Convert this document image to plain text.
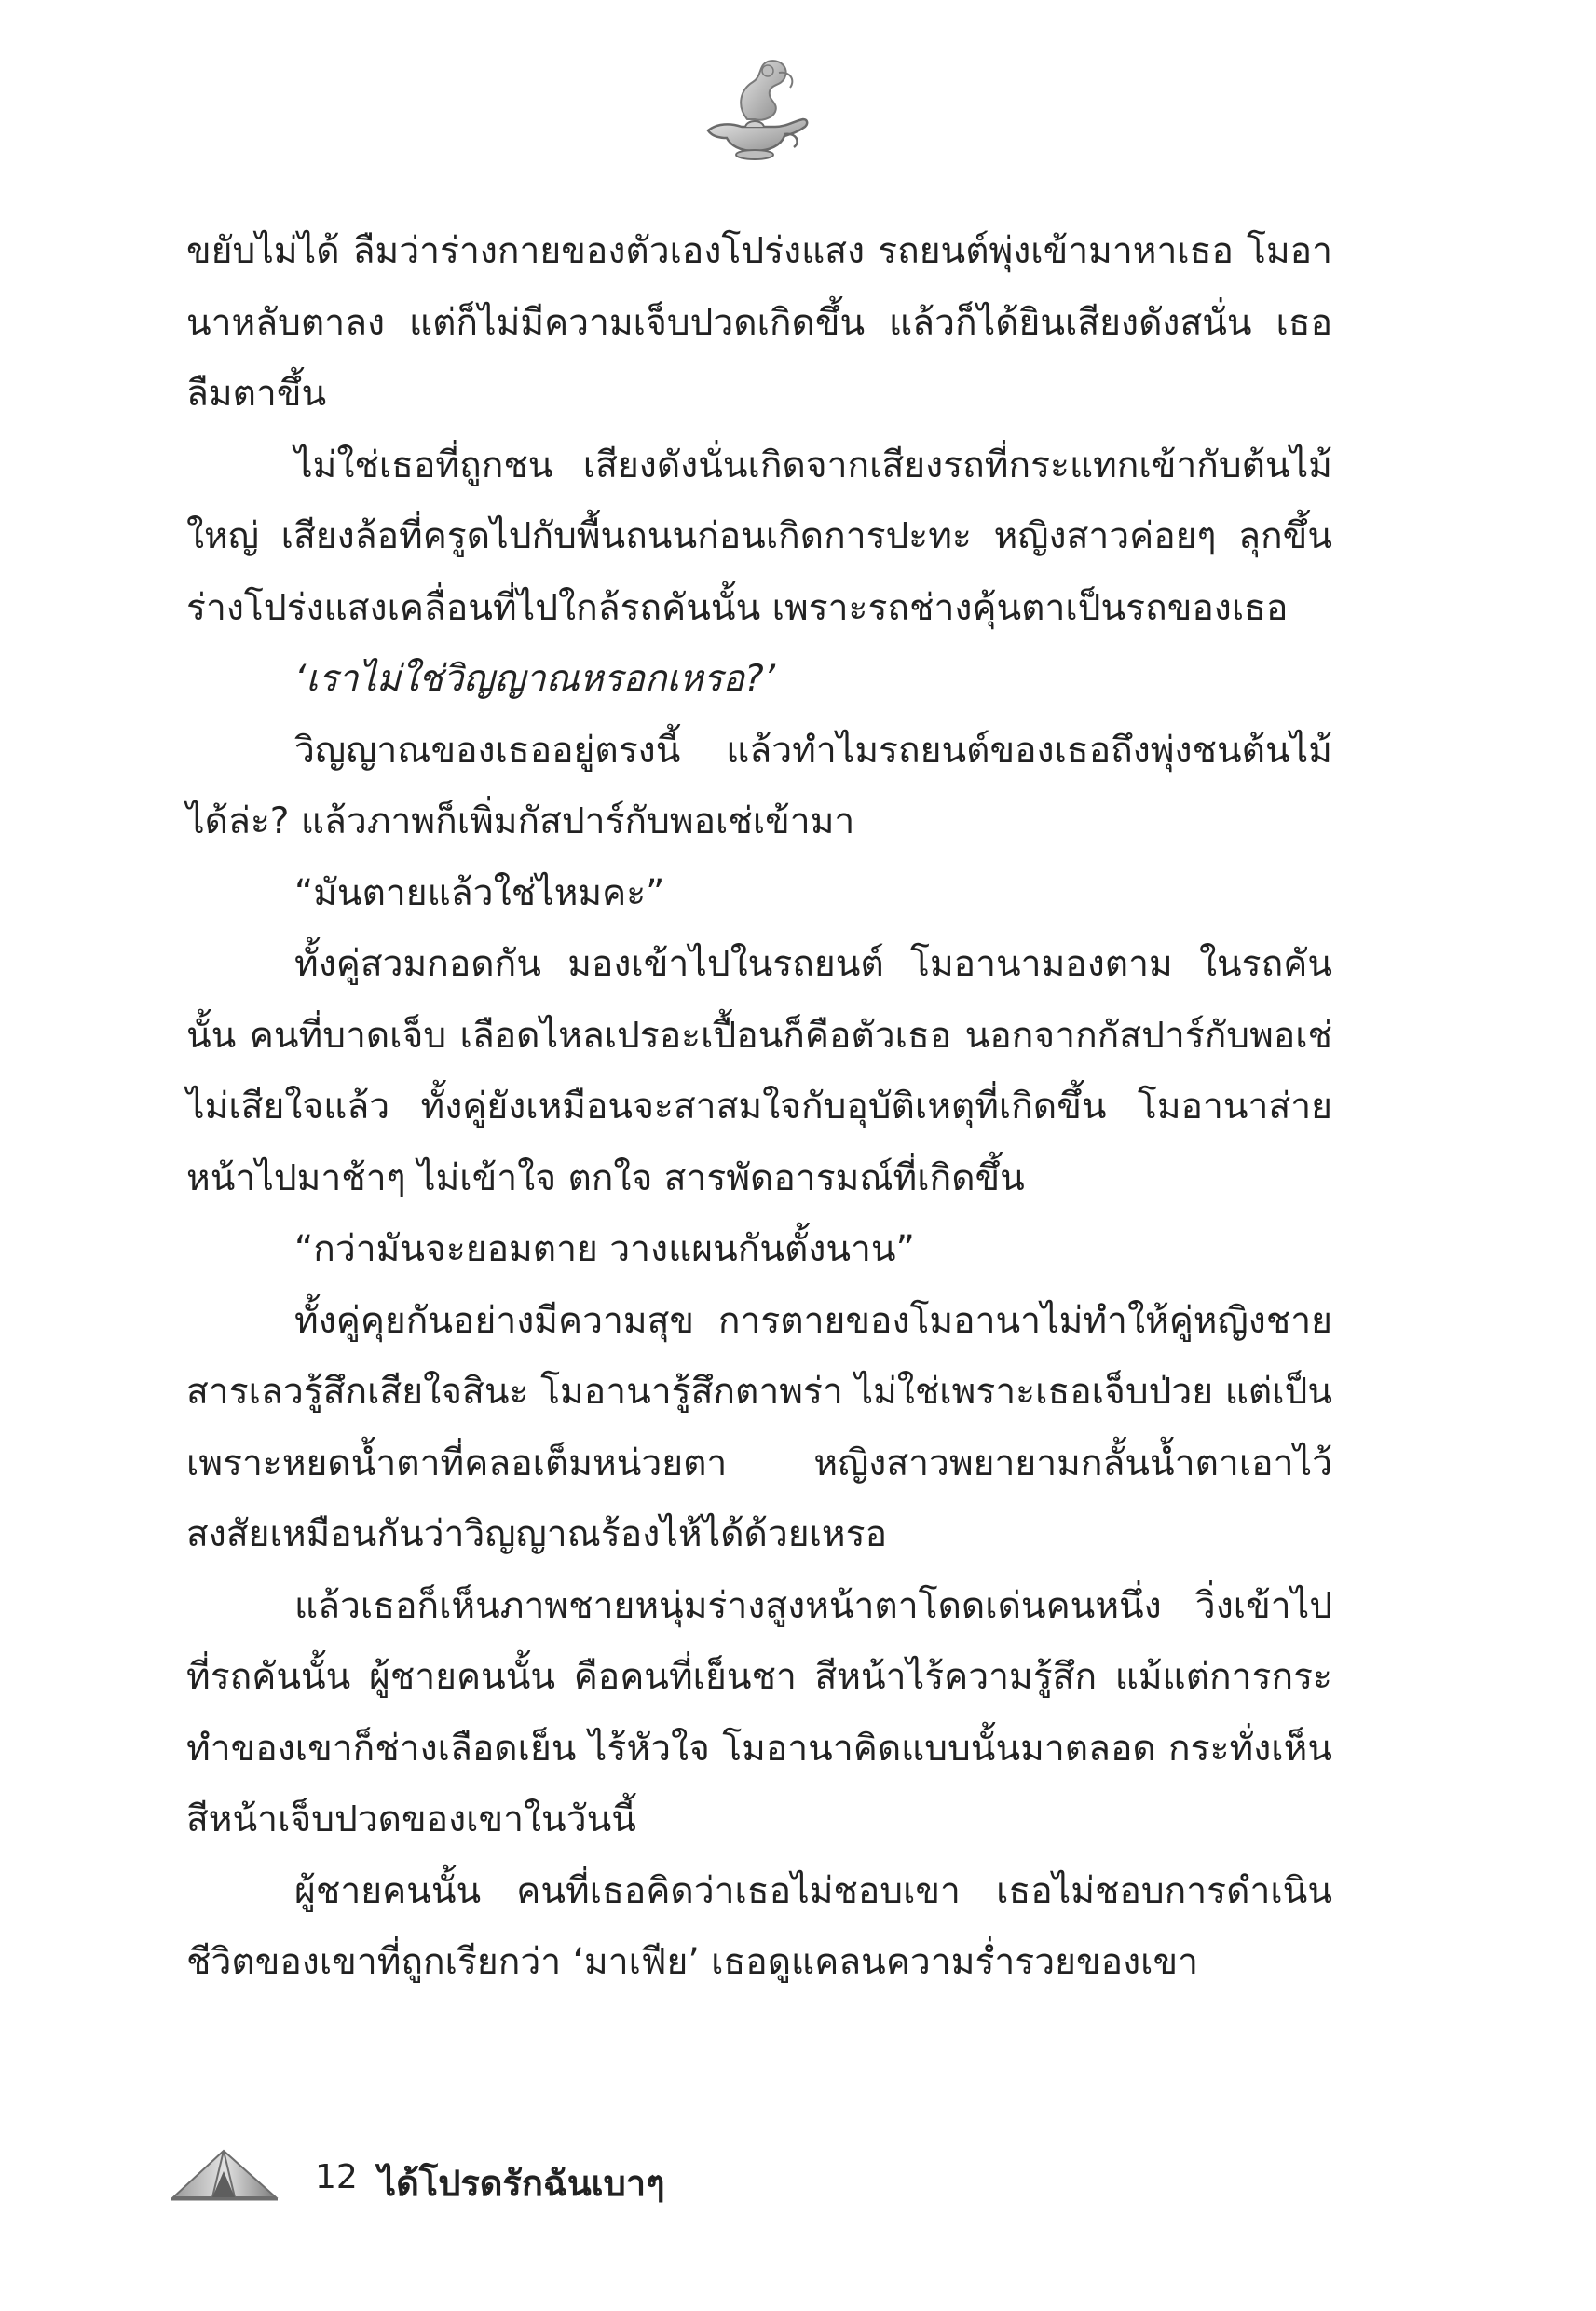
ขยับไม่ได้ ลืมว่าร่างกายของตัวเองโปร่งแสง รถยนต์พุ่งเข้ามาหาเธอ โมอานาหลับตาลง แต่ก็ไม่มีความเจ็บปวดเกิดขึ้น แล้วก็ได้ยินเสียงดังสนั่น เธอลืมตาขึ้น

ไม่ใช่เธอที่ถูกชน เสียงดังนั่นเกิดจากเสียงรถที่กระแทกเข้ากับต้นไม้ใหญ่ เสียงล้อที่ครูดไปกับพื้นถนนก่อนเกิดการปะทะ หญิงสาวค่อยๆ ลุกขึ้น ร่างโปร่งแสงเคลื่อนที่ไปใกล้รถคันนั้น เพราะรถช่างคุ้นตาเป็นรถของเธอ

‘เราไม่ใช่วิญญาณหรอกเหรอ?’

วิญญาณของเธออยู่ตรงนี้ แล้วทำไมรถยนต์ของเธอถึงพุ่งชนต้นไม้ได้ล่ะ? แล้วภาพก็เพิ่มกัสปาร์กับพอเช่เข้ามา

“มันตายแล้วใช่ไหมคะ”

ทั้งคู่สวมกอดกัน มองเข้าไปในรถยนต์ โมอานามองตาม ในรถคันนั้น คนที่บาดเจ็บ เลือดไหลเปรอะเปื้อนก็คือตัวเธอ นอกจากกัสปาร์กับพอเช่ไม่เสียใจแล้ว ทั้งคู่ยังเหมือนจะสาสมใจกับอุบัติเหตุที่เกิดขึ้น โมอานาส่ายหน้าไปมาช้าๆ ไม่เข้าใจ ตกใจ สารพัดอารมณ์ที่เกิดขึ้น

“กว่ามันจะยอมตาย วางแผนกันตั้งนาน”

ทั้งคู่คุยกันอย่างมีความสุข การตายของโมอานาไม่ทำให้คู่หญิงชายสารเลวรู้สึกเสียใจสินะ โมอานารู้สึกตาพร่า ไม่ใช่เพราะเธอเจ็บป่วย แต่เป็นเพราะหยดน้ำตาที่คลอเต็มหน่วยตา หญิงสาวพยายามกลั้นน้ำตาเอาไว้ สงสัยเหมือนกันว่าวิญญาณร้องไห้ได้ด้วยเหรอ

แล้วเธอก็เห็นภาพชายหนุ่มร่างสูงหน้าตาโดดเด่นคนหนึ่ง วิ่งเข้าไปที่รถคันนั้น ผู้ชายคนนั้น คือคนที่เย็นชา สีหน้าไร้ความรู้สึก แม้แต่การกระทำของเขาก็ช่างเลือดเย็น ไร้หัวใจ โมอานาคิดแบบนั้นมาตลอด กระทั่งเห็นสีหน้าเจ็บปวดของเขาในวันนี้

ผู้ชายคนนั้น คนที่เธอคิดว่าเธอไม่ชอบเขา เธอไม่ชอบการดำเนินชีวิตของเขาที่ถูกเรียกว่า ‘มาเฟีย’ เธอดูแคลนความร่ำรวยของเขา

12 ได้โปรดรักฉันเบาๆ
